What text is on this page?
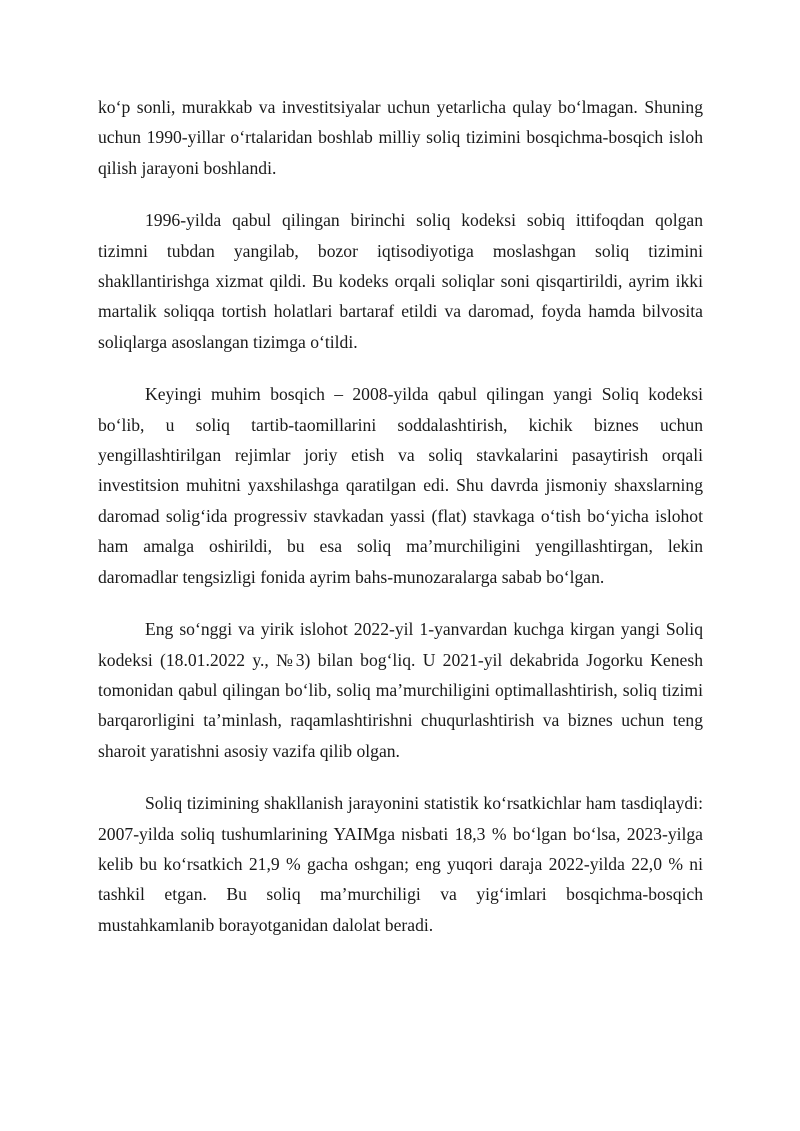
ko‘p sonli, murakkab va investitsiyalar uchun yetarlicha qulay bo‘lmagan. Shuning uchun 1990-yillar o‘rtalaridan boshlab milliy soliq tizimini bosqichma-bosqich isloh qilish jarayoni boshlandi.

1996-yilda qabul qilingan birinchi soliq kodeksi sobiq ittifoqdan qolgan tizimni tubdan yangilab, bozor iqtisodiyotiga moslashgan soliq tizimini shakllantirishga xizmat qildi. Bu kodeks orqali soliqlar soni qisqartirildi, ayrim ikki martalik soliqqa tortish holatlari bartaraf etildi va daromad, foyda hamda bilvosita soliqlarga asoslangan tizimga o‘tildi.

Keyingi muhim bosqich – 2008-yilda qabul qilingan yangi Soliq kodeksi bo‘lib, u soliq tartib-taomillarini soddalashtirish, kichik biznes uchun yengillashtirilgan rejimlar joriy etish va soliq stavkalarini pasaytirish orqali investitsion muhitni yaxshilashga qaratilgan edi. Shu davrda jismoniy shaxslarning daromad solig‘ida progressiv stavkadan yassi (flat) stavkaga o‘tish bo‘yicha islohot ham amalga oshirildi, bu esa soliq ma’murchiligini yengillashtirgan, lekin daromadlar tengsizligi fonida ayrim bahs-munozaralarga sabab bo‘lgan.

Eng so‘nggi va yirik islohot 2022-yil 1-yanvardan kuchga kirgan yangi Soliq kodeksi (18.01.2022 y., №3) bilan bog‘liq. U 2021-yil dekabrida Jogorku Kenesh tomonidan qabul qilingan bo‘lib, soliq ma’murchiligini optimallashtirish, soliq tizimi barqarorligini ta’minlash, raqamlashtirishni chuqurlashtirish va biznes uchun teng sharoit yaratishni asosiy vazifa qilib olgan.

Soliq tizimining shakllanish jarayonini statistik ko‘rsatkichlar ham tasdiqlaydi: 2007-yilda soliq tushumlarining YAIMga nisbati 18,3 % bo‘lgan bo‘lsa, 2023-yilga kelib bu ko‘rsatkich 21,9 % gacha oshgan; eng yuqori daraja 2022-yilda 22,0 % ni tashkil etgan. Bu soliq ma’murchiligi va yig‘imlari bosqichma-bosqich mustahkamlanib borayotganidan dalolat beradi.
